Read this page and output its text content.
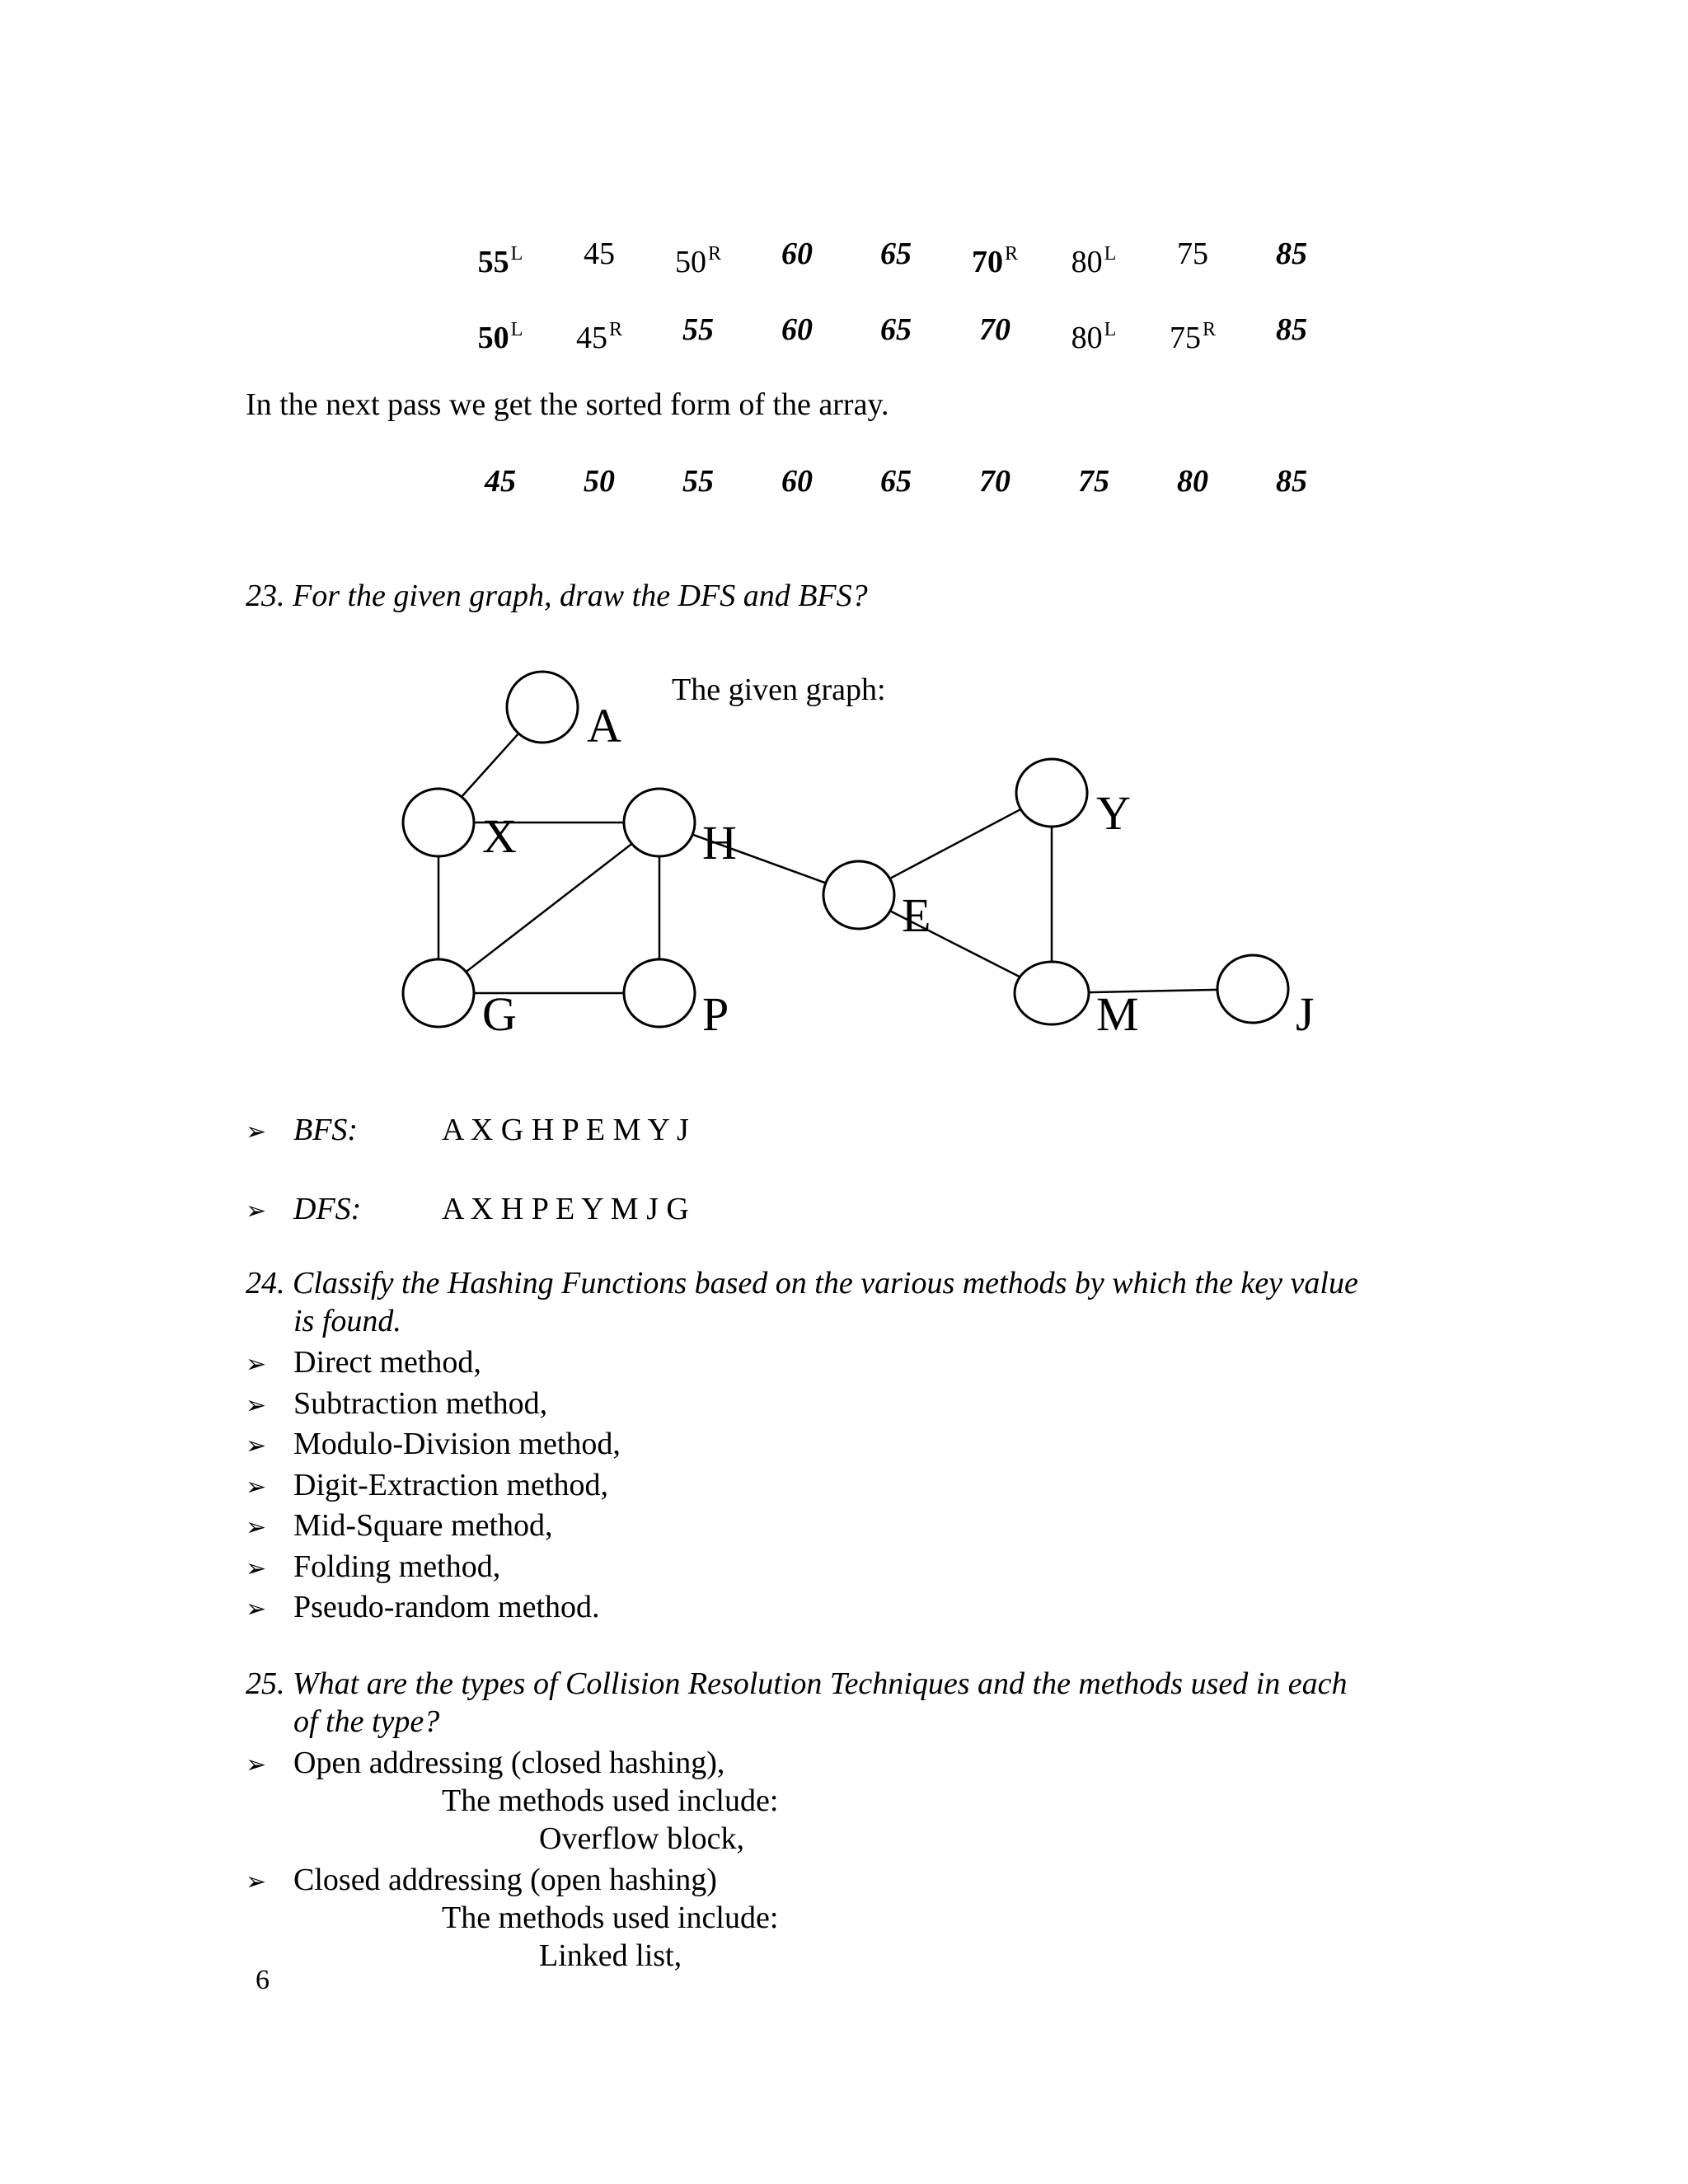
$55^L$	45	$50^R$	60	65	$70^R$	$80^L$	75	85
$50^L$	$45^R$	55	60	65	70	$80^L$	$75^R$	85
In the next pass we get the sorted form of the array.
45	50	55	60	65	70	75	80	85
23. For the given graph, draw the DFS and BFS?
A
X	H
G	P
E
Y
M	J
The given graph:
➢ BFS:	A X G H P E M Y J
➢ DFS:	A X H P E Y M J G
24. Classify the Hashing Functions based on the various methods by which the key value
is found.
➢ Direct method,
➢ Subtraction method,
➢ Modulo-Division method,
➢ Digit-Extraction method,
➢ Mid-Square method,
➢ Folding method,
➢ Pseudo-random method.
25. What are the types of Collision Resolution Techniques and the methods used in each
of the type?
➢ Open addressing (closed hashing),
The methods used include:
Overflow block,
➢ Closed addressing (open hashing)
The methods used include:
Linked list,
6
